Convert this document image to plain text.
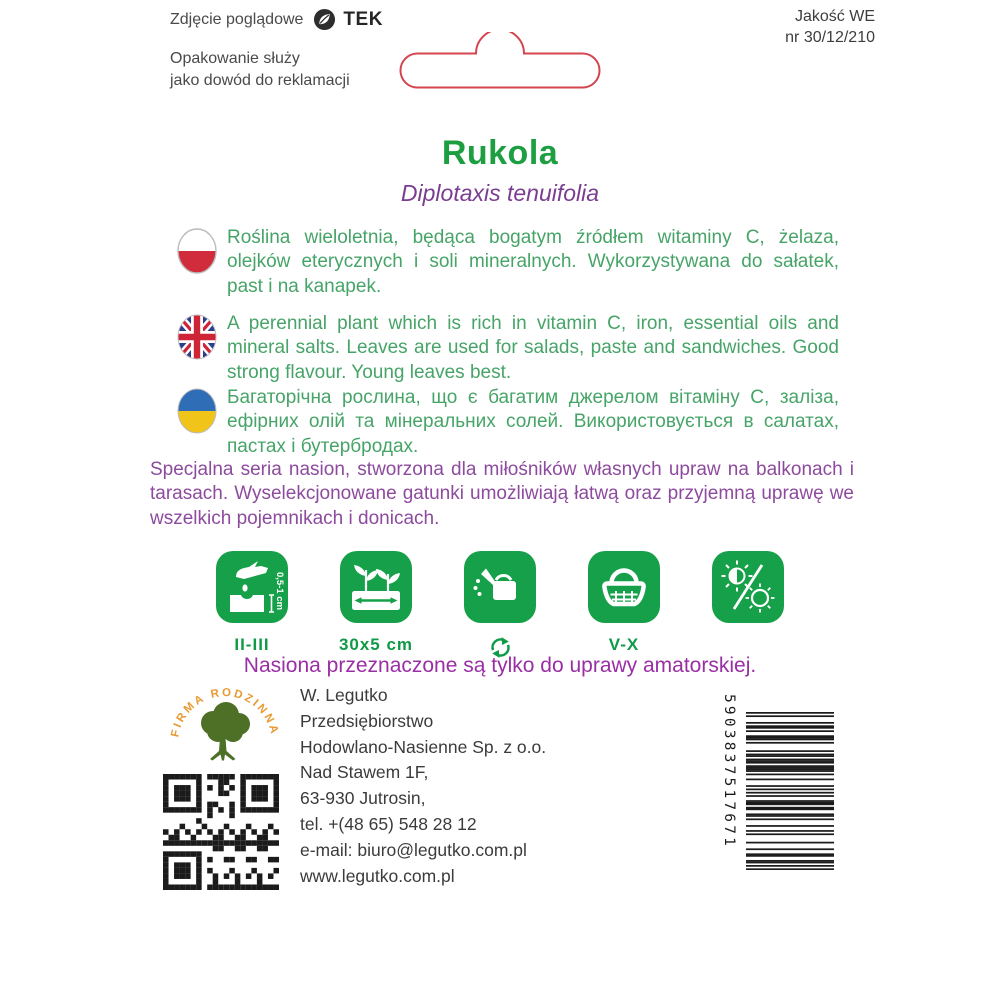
Zdjęcie poglądowe TEK
Opakowanie służy
jako dowód do reklamacji
Jakość WE
nr 30/12/210
Rukola
Diplotaxis tenuifolia

Roślina wieloletnia, będąca bogatym źródłem witaminy C, żelaza, olejków eterycznych i soli mineralnych. Wykorzystywana do sałatek, past i na kanapek.

A perennial plant which is rich in vitamin C, iron, essential oils and mineral salts. Leaves are used for salads, paste and sandwiches. Good strong flavour. Young leaves best.

Багаторічна рослина, що є багатим джерелом вітаміну C, заліза, ефірних олій та мінеральних солей. Використовується в салатах, пастах і бутербродах.

Specjalna seria nasion, stworzona dla miłośników własnych upraw na balkonach i tarasach. Wyselekcjonowane gatunki umożliwiają łatwą oraz przyjemną uprawę we wszelkich pojemnikach i donicach.

0,5-1 cm
II-III	30x5 cm	V-X
Nasiona przeznaczone są tylko do uprawy amatorskiej.
FIRMA RODZINNA
W. Legutko
Przedsiębiorstwo
Hodowlano-Nasienne Sp. z o.o.
Nad Stawem 1F,
63-930 Jutrosin,
tel. +(48 65) 548 28 12
e-mail: biuro@legutko.com.pl
www.legutko.com.pl
5903837517671
